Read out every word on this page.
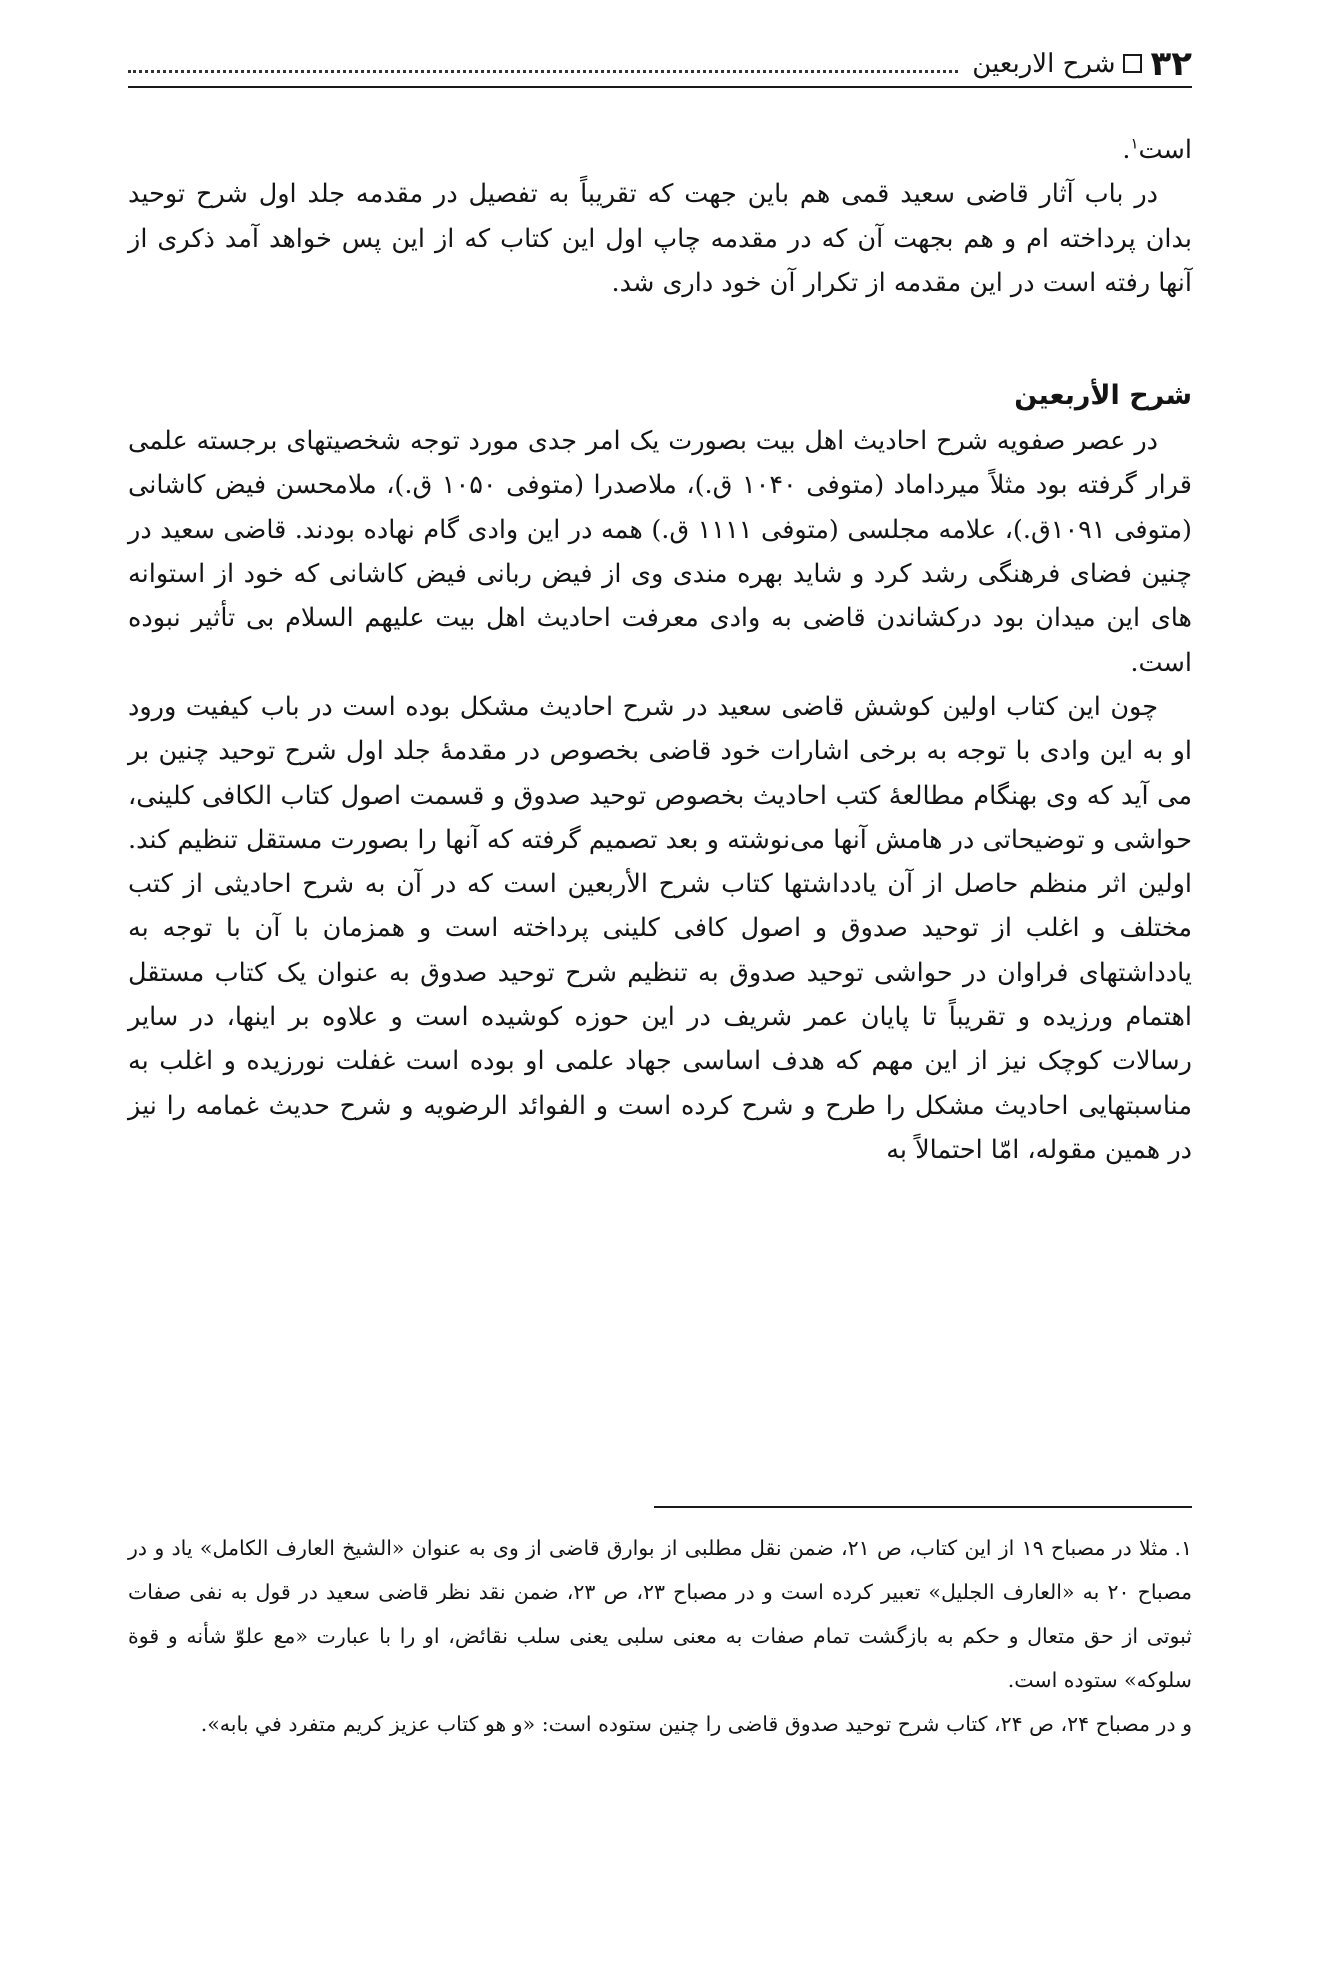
۳۲
شرح الاربعین

است$^۱$.

در باب آثار قاضی سعید قمی هم باین جهت که تقریباً به تفصیل در مقدمه جلد اول شرح توحید بدان پرداخته ام و هم بجهت آن که در مقدمه چاپ اول این کتاب که از این پس خواهد آمد ذکری از آنها رفته است در این مقدمه از تکرار آن خود داری شد.

شرح الأربعین

در عصر صفویه شرح احادیث اهل بیت بصورت یک امر جدی مورد توجه شخصیتهای برجسته علمی قرار گرفته بود مثلاً میرداماد (متوفی ۱۰۴۰ ق.)، ملاصدرا (متوفی ۱۰۵۰ ق.)، ملامحسن فیض کاشانی (متوفی ۱۰۹۱ق.)، علامه مجلسی (متوفی ۱۱۱۱ ق.) همه در این وادی گام نهاده بودند. قاضی سعید در چنین فضای فرهنگی رشد کرد و شاید بهره مندی وی از فیض ربانی فیض کاشانی که خود از استوانه های این میدان بود درکشاندن قاضی به وادی معرفت احادیث اهل بیت علیهم السلام بی تأثیر نبوده است.

چون این کتاب اولین کوشش قاضی سعید در شرح احادیث مشکل بوده است در باب کیفیت ورود او به این وادی با توجه به برخی اشارات خود قاضی بخصوص در مقدمهٔ جلد اول شرح توحید چنین بر می آید که وی بهنگام مطالعهٔ کتب احادیث بخصوص توحید صدوق و قسمت اصول کتاب الکافی کلینی، حواشی و توضیحاتی در هامش آنها می‌نوشته و بعد تصمیم گرفته که آنها را بصورت مستقل تنظیم کند. اولین اثر منظم حاصل از آن یادداشتها کتاب شرح الأربعین است که در آن به شرح احادیثی از کتب مختلف و اغلب از توحید صدوق و اصول کافی کلینی پرداخته است و همزمان با آن با توجه به یادداشتهای فراوان در حواشی توحید صدوق به تنظیم شرح توحید صدوق به عنوان یک کتاب مستقل اهتمام ورزیده و تقریباً تا پایان عمر شریف در این حوزه کوشیده است و علاوه بر اینها، در سایر رسالات کوچک نیز از این مهم که هدف اساسی جهاد علمی او بوده است غفلت نورزیده و اغلب به مناسبتهایی احادیث مشکل را طرح و شرح کرده است و الفوائد الرضویه و شرح حدیث غمامه را نیز در همین مقوله، امّا احتمالاً به

۱.مثلا در مصباح ۱۹ از این کتاب، ص ۲۱، ضمن نقل مطلبی از بوارق قاضی از وی به عنوان «الشیخ العارف الکامل» یاد و در مصباح ۲۰ به «العارف الجلیل» تعبیر کرده است و در مصباح ۲۳، ص ۲۳، ضمن نقد نظر قاضی سعید در قول به نفی صفات ثبوتی از حق متعال و حکم به بازگشت تمام صفات به معنی سلبی یعنی سلب نقائض، او را با عبارت «مع علوّ شأنه و قوة سلوکه» ستوده است.

و در مصباح ۲۴، ص ۲۴، کتاب شرح توحید صدوق قاضی را چنین ستوده است: «و هو کتاب عزیز کریم متفرد في بابه».
